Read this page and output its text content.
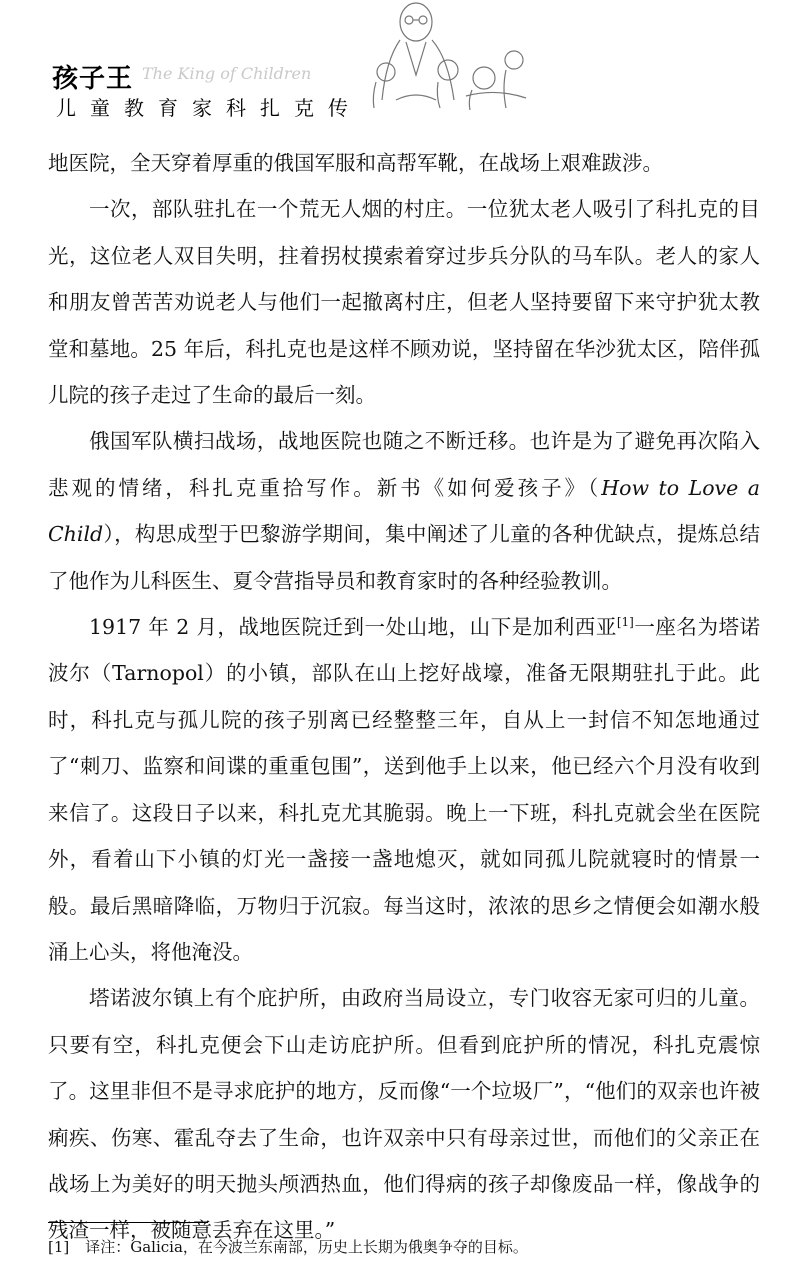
孩子王 The King of Children
儿童教育家科扎克传

地医院，全天穿着厚重的俄国军服和高帮军靴，在战场上艰难跋涉。

一次，部队驻扎在一个荒无人烟的村庄。一位犹太老人吸引了科扎克的目光，这位老人双目失明，拄着拐杖摸索着穿过步兵分队的马车队。老人的家人和朋友曾苦苦劝说老人与他们一起撤离村庄，但老人坚持要留下来守护犹太教堂和墓地。25 年后，科扎克也是这样不顾劝说，坚持留在华沙犹太区，陪伴孤儿院的孩子走过了生命的最后一刻。

俄国军队横扫战场，战地医院也随之不断迁移。也许是为了避免再次陷入悲观的情绪，科扎克重拾写作。新书《如何爱孩子》（How to Love a Child），构思成型于巴黎游学期间，集中阐述了儿童的各种优缺点，提炼总结了他作为儿科医生、夏令营指导员和教育家时的各种经验教训。

1917 年 2 月，战地医院迁到一处山地，山下是加利西亚[1]一座名为塔诺波尔（Tarnopol）的小镇，部队在山上挖好战壕，准备无限期驻扎于此。此时，科扎克与孤儿院的孩子别离已经整整三年，自从上一封信不知怎地通过了“刺刀、监察和间谍的重重包围”，送到他手上以来，他已经六个月没有收到来信了。这段日子以来，科扎克尤其脆弱。晚上一下班，科扎克就会坐在医院外，看着山下小镇的灯光一盏接一盏地熄灭，就如同孤儿院就寝时的情景一般。最后黑暗降临，万物归于沉寂。每当这时，浓浓的思乡之情便会如潮水般涌上心头，将他淹没。

塔诺波尔镇上有个庇护所，由政府当局设立，专门收容无家可归的儿童。只要有空，科扎克便会下山走访庇护所。但看到庇护所的情况，科扎克震惊了。这里非但不是寻求庇护的地方，反而像“一个垃圾厂”，“他们的双亲也许被痢疾、伤寒、霍乱夺去了生命，也许双亲中只有母亲过世，而他们的父亲正在战场上为美好的明天抛头颅洒热血，他们得病的孩子却像废品一样，像战争的残渣一样，被随意丢弃在这里。”

[1] 译注：Galicia，在今波兰东南部，历史上长期为俄奥争夺的目标。
